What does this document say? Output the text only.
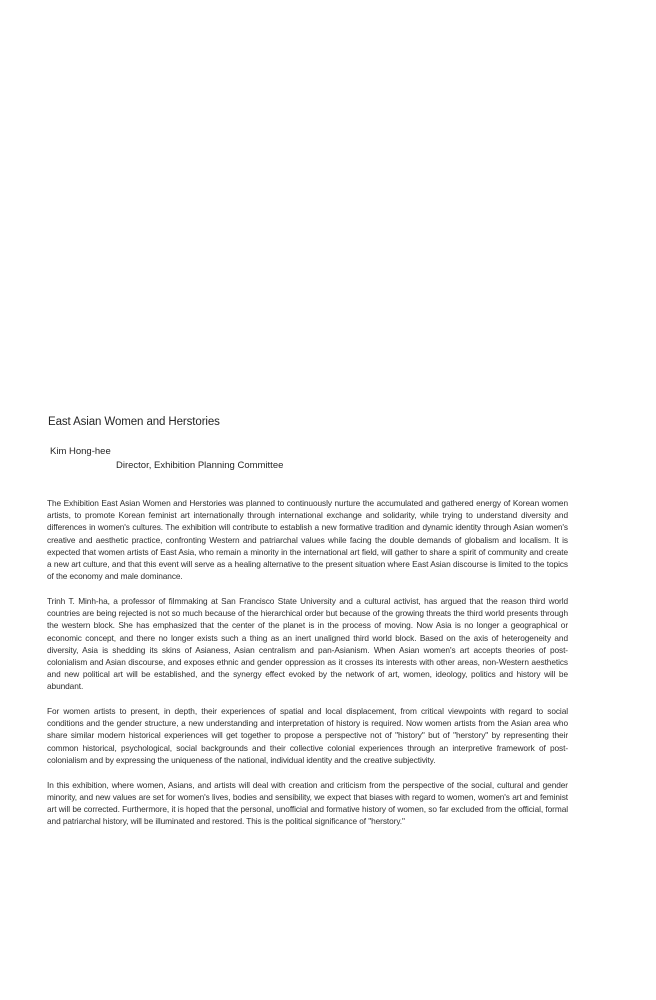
East Asian Women and Herstories
Kim Hong-hee
Director, Exhibition Planning Committee

The Exhibition East Asian Women and Herstories was planned to continuously nurture the accumulated and gathered energy of Korean women artists, to promote Korean feminist art internationally through international exchange and solidarity, while trying to understand diversity and differences in women's cultures. The exhibition will contribute to establish a new formative tradition and dynamic identity through Asian women's creative and aesthetic practice, confronting Western and patriarchal values while facing the double demands of globalism and localism. It is expected that women artists of East Asia, who remain a minority in the international art field, will gather to share a spirit of community and create a new art culture, and that this event will serve as a healing alternative to the present situation where East Asian discourse is limited to the topics of the economy and male dominance.

Trinh T. Minh-ha, a professor of filmmaking at San Francisco State University and a cultural activist, has argued that the reason third world countries are being rejected is not so much because of the hierarchical order but because of the growing threats the third world presents through the western block. She has emphasized that the center of the planet is in the process of moving. Now Asia is no longer a geographical or economic concept, and there no longer exists such a thing as an inert unaligned third world block. Based on the axis of heterogeneity and diversity, Asia is shedding its skins of Asianess, Asian centralism and pan-Asianism. When Asian women's art accepts theories of post-colonialism and Asian discourse, and exposes ethnic and gender oppression as it crosses its interests with other areas, non-Western aesthetics and new political art will be established, and the synergy effect evoked by the network of art, women, ideology, politics and history will be abundant.

For women artists to present, in depth, their experiences of spatial and local displacement, from critical viewpoints with regard to social conditions and the gender structure, a new understanding and interpretation of history is required. Now women artists from the Asian area who share similar modern historical experiences will get together to propose a perspective not of "history" but of "herstory" by representing their common historical, psychological, social backgrounds and their collective colonial experiences through an interpretive framework of post-colonialism and by expressing the uniqueness of the national, individual identity and the creative subjectivity.

In this exhibition, where women, Asians, and artists will deal with creation and criticism from the perspective of the social, cultural and gender minority, and new values are set for women's lives, bodies and sensibility, we expect that biases with regard to women, women's art and feminist art will be corrected. Furthermore, it is hoped that the personal, unofficial and formative history of women, so far excluded from the official, formal and patriarchal history, will be illuminated and restored. This is the political significance of "herstory."
